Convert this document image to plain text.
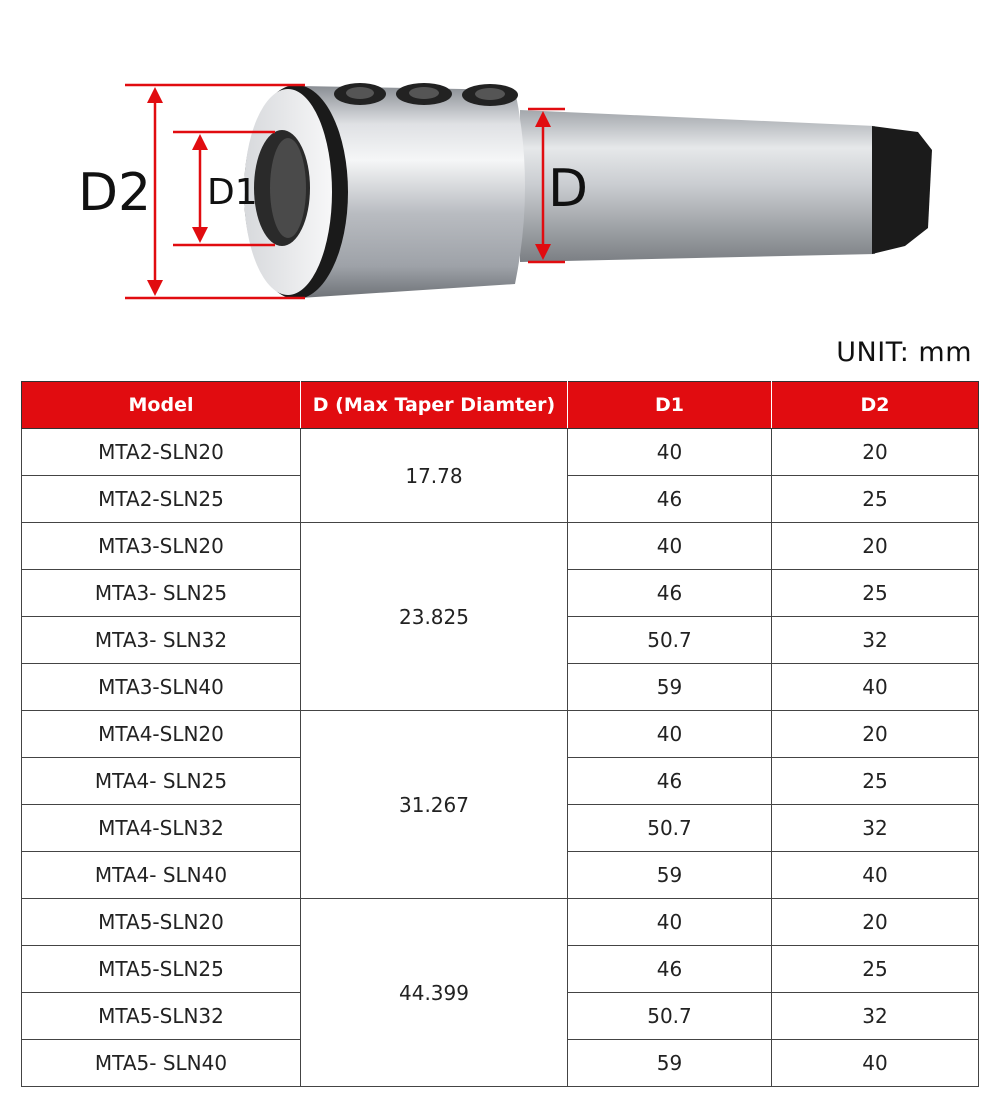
D2 D1	D
UNIT: mm
Model	D (Max Taper Diamter)	D1	D2
MTA2-SLN20	17.78	40	20
MTA2-SLN25		46	25
MTA3-SLN20	23.825	40	20
MTA3- SLN25		46	25
MTA3- SLN32		50.7	32
MTA3-SLN40		59	40
MTA4-SLN20	31.267	40	20
MTA4- SLN25		46	25
MTA4-SLN32		50.7	32
MTA4- SLN40		59	40
MTA5-SLN20	44.399	40	20
MTA5-SLN25		46	25
MTA5-SLN32		50.7	32
MTA5- SLN40		59	40
